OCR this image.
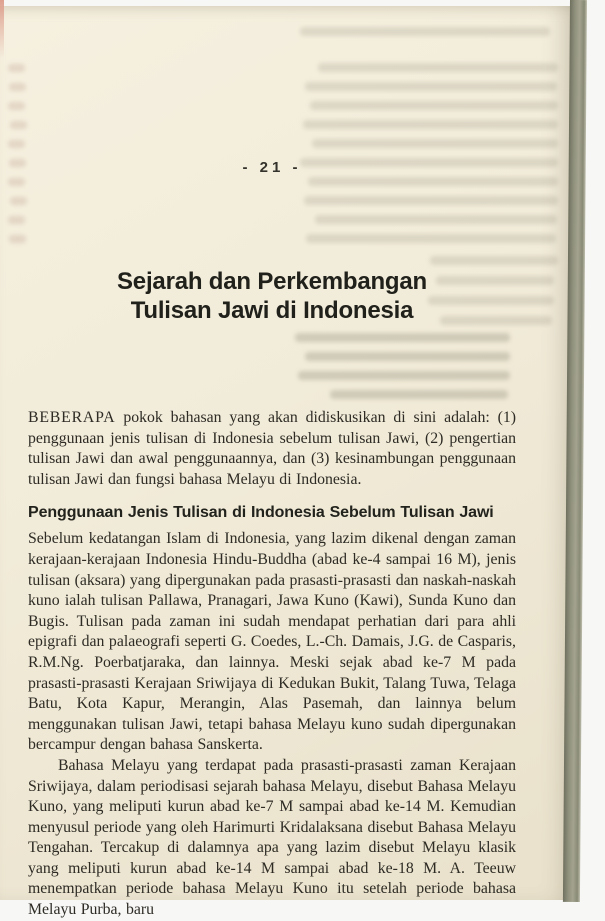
- 21 -
Sejarah dan Perkembangan
Tulisan Jawi di Indonesia

BEBERAPA pokok bahasan yang akan didiskusikan di sini adalah: (1) penggunaan jenis tulisan di Indonesia sebelum tulisan Jawi, (2) pengertian tulisan Jawi dan awal penggunaannya, dan (3) kesinambungan penggunaan tulisan Jawi dan fungsi bahasa Melayu di Indonesia.

Penggunaan Jenis Tulisan di Indonesia Sebelum Tulisan Jawi

Sebelum kedatangan Islam di Indonesia, yang lazim dikenal dengan zaman kerajaan-kerajaan Indonesia Hindu-Buddha (abad ke-4 sampai 16 M), jenis tulisan (aksara) yang dipergunakan pada prasasti-prasasti dan naskah-naskah kuno ialah tulisan Pallawa, Pranagari, Jawa Kuno (Kawi), Sunda Kuno dan Bugis. Tulisan pada zaman ini sudah mendapat perhatian dari para ahli epigrafi dan palaeografi seperti G. Coedes, L.-Ch. Damais, J.G. de Casparis, R.M.Ng. Poerbatjaraka, dan lainnya. Meski sejak abad ke-7 M pada prasasti-prasasti Kerajaan Sriwijaya di Kedukan Bukit, Talang Tuwa, Telaga Batu, Kota Kapur, Merangin, Alas Pasemah, dan lainnya belum menggunakan tulisan Jawi, tetapi bahasa Melayu kuno sudah dipergunakan bercampur dengan bahasa Sanskerta.

Bahasa Melayu yang terdapat pada prasasti-prasasti zaman Kerajaan Sriwijaya, dalam periodisasi sejarah bahasa Melayu, disebut Bahasa Melayu Kuno, yang meliputi kurun abad ke-7 M sampai abad ke-14 M. Kemudian menyusul periode yang oleh Harimurti Kridalaksana disebut Bahasa Melayu Tengahan. Tercakup di dalamnya apa yang lazim disebut Melayu klasik yang meliputi kurun abad ke-14 M sampai abad ke-18 M. A. Teeuw menempatkan periode bahasa Melayu Kuno itu setelah periode bahasa Melayu Purba, baru
